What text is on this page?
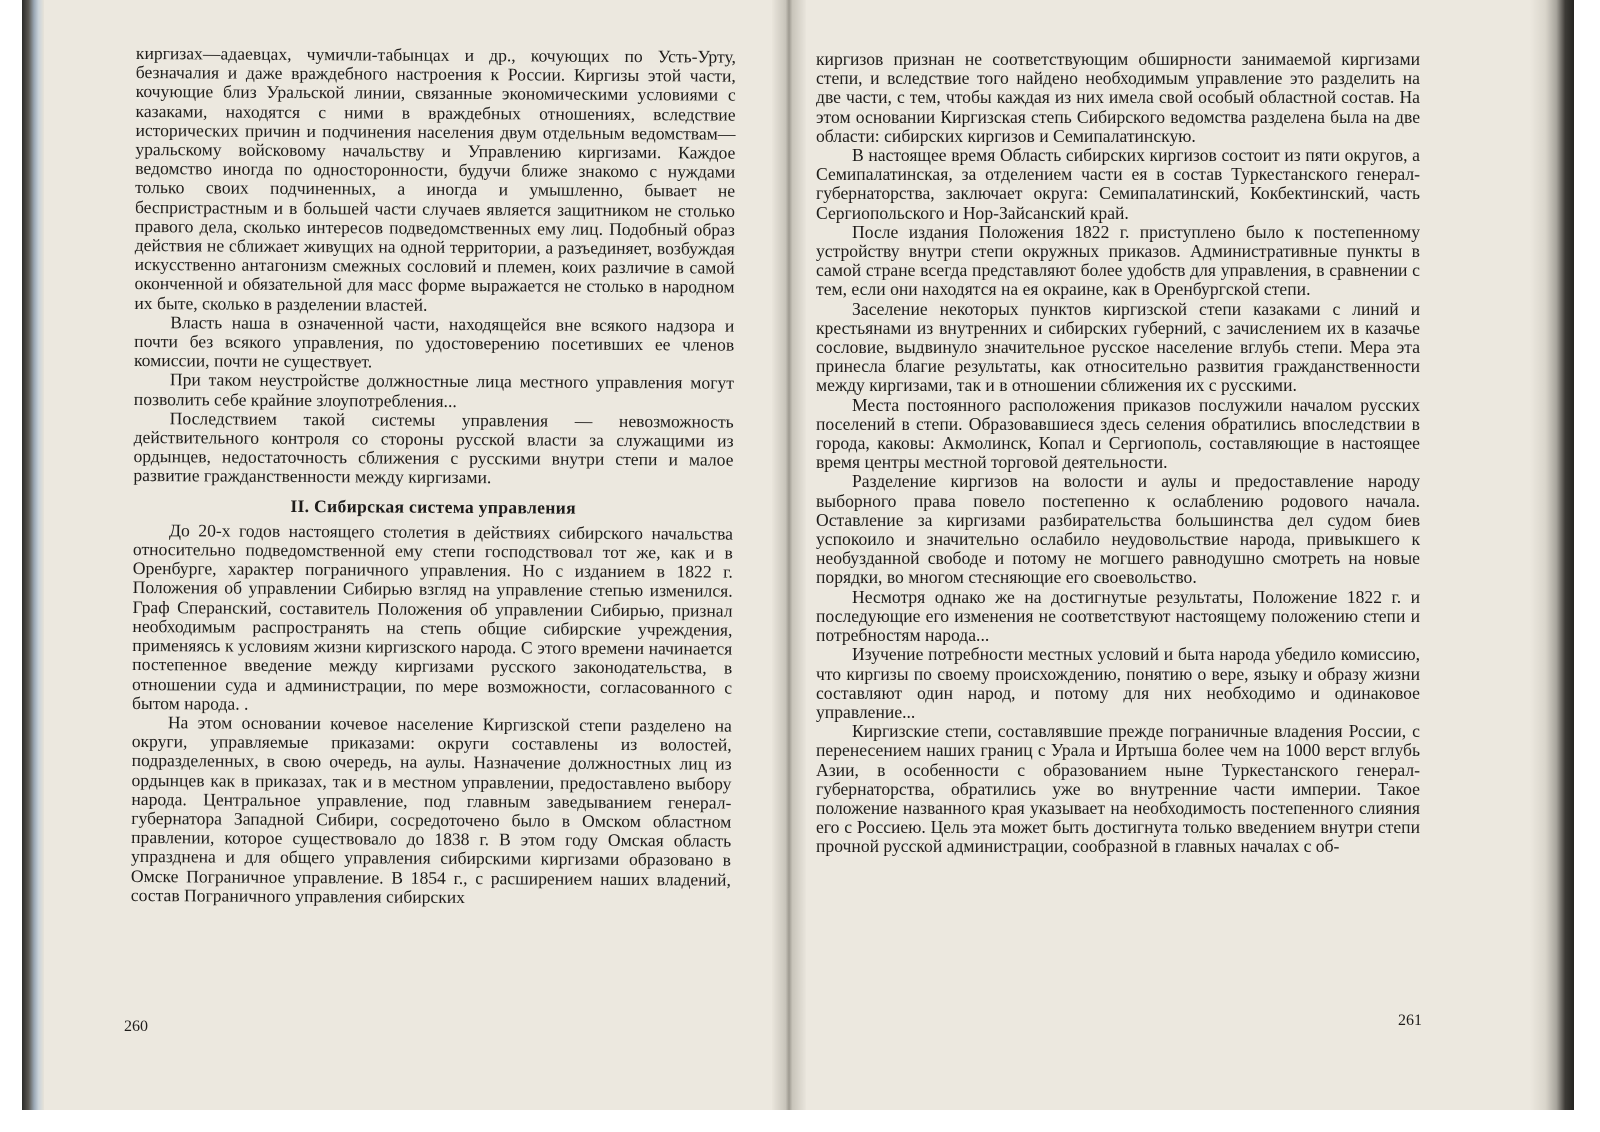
киргизах—адаевцах, чумичли-табынцах и др., кочующих по Усть-Урту, безначалия и даже враждебного настроения к России. Киргизы этой части, кочующие близ Уральской линии, связанные экономическими условиями с казаками, находятся с ними в враждебных отношениях, вследствие исторических причин и подчинения населения двум отдельным ведомствам—уральскому войсковому начальству и Управлению киргизами. Каждое ведомство иногда по односторонности, будучи ближе знакомо с нуждами только своих подчиненных, а иногда и умышленно, бывает не беспристрастным и в большей части случаев является защитником не столько правого дела, сколько интересов подведомственных ему лиц. Подобный образ действия не сближает живущих на одной территории, а разъединяет, возбуждая искусственно антагонизм смежных сословий и племен, коих различие в самой оконченной и обязательной для масс форме выражается не столько в народном их быте, сколько в разделении властей.

Власть наша в означенной части, находящейся вне всякого надзора и почти без всякого управления, по удостоверению посетивших ее членов комиссии, почти не существует.

При таком неустройстве должностные лица местного управления могут позволить себе крайние злоупотребления...

Последствием такой системы управления — невозможность действительного контроля со стороны русской власти за служащими из ордынцев, недостаточность сближения с русскими внутри степи и малое развитие гражданственности между киргизами.

II. Сибирская система управления

До 20-х годов настоящего столетия в действиях сибирского начальства относительно подведомственной ему степи господствовал тот же, как и в Оренбурге, характер пограничного управления. Но с изданием в 1822 г. Положения об управлении Сибирью взгляд на управление степью изменился. Граф Сперанский, составитель Положения об управлении Сибирью, признал необходимым распространять на степь общие сибирские учреждения, применяясь к условиям жизни киргизского народа. С этого времени начинается постепенное введение между киргизами русского законодательства, в отношении суда и администрации, по мере возможности, согласованного с бытом народа. .

На этом основании кочевое население Киргизской степи разделено на округи, управляемые приказами: округи составлены из волостей, подразделенных, в свою очередь, на аулы. Назначение должностных лиц из ордынцев как в приказах, так и в местном управлении, предоставлено выбору народа. Центральное управление, под главным заведыванием генерал-губернатора Западной Сибири, сосредоточено было в Омском областном правлении, которое существовало до 1838 г. В этом году Омская область упразднена и для общего управления сибирскими киргизами образовано в Омске Пограничное управление. В 1854 г., с расширением наших владений, состав Пограничного управления сибирских

260

киргизов признан не соответствующим обширности занимаемой киргизами степи, и вследствие того найдено необходимым управление это разделить на две части, с тем, чтобы каждая из них имела свой особый областной состав. На этом основании Киргизская степь Сибирского ведомства разделена была на две области: сибирских киргизов и Семипалатинскую.

В настоящее время Область сибирских киргизов состоит из пяти округов, а Семипалатинская, за отделением части ея в состав Туркестанского генерал-губернаторства, заключает округа: Семипалатинский, Кокбектинский, часть Сергиопольского и Нор-Зайсанский край.

После издания Положения 1822 г. приступлено было к постепенному устройству внутри степи окружных приказов. Административные пункты в самой стране всегда представляют более удобств для управления, в сравнении с тем, если они находятся на ея окраине, как в Оренбургской степи.

Заселение некоторых пунктов киргизской степи казаками с линий и крестьянами из внутренних и сибирских губерний, с зачислением их в казачье сословие, выдвинуло значительное русское население вглубь степи. Мера эта принесла благие результаты, как относительно развития гражданственности между киргизами, так и в отношении сближения их с русскими.

Места постоянного расположения приказов послужили началом русских поселений в степи. Образовавшиеся здесь селения обратились впоследствии в города, каковы: Акмолинск, Копал и Сергиополь, составляющие в настоящее время центры местной торговой деятельности.

Разделение киргизов на волости и аулы и предоставление народу выборного права повело постепенно к ослаблению родового начала. Оставление за киргизами разбирательства большинства дел судом биев успокоило и значительно ослабило неудовольствие народа, привыкшего к необузданной свободе и потому не могшего равнодушно смотреть на новые порядки, во многом стесняющие его своевольство.

Несмотря однако же на достигнутые результаты, Положение 1822 г. и последующие его изменения не соответствуют настоящему положению степи и потребностям народа...

Изучение потребности местных условий и быта народа убедило комиссию, что киргизы по своему происхождению, понятию о вере, языку и образу жизни составляют один народ, и потому для них необходимо и одинаковое управление...

Киргизские степи, составлявшие прежде пограничные владения России, с перенесением наших границ с Урала и Иртыша более чем на 1000 верст вглубь Азии, в особенности с образованием ныне Туркестанского генерал-губернаторства, обратились уже во внутренние части империи. Такое положение названного края указывает на необходимость постепенного слияния его с Россиею. Цель эта может быть достигнута только введением внутри степи прочной русской администрации, сообразной в главных началах с об-

261
